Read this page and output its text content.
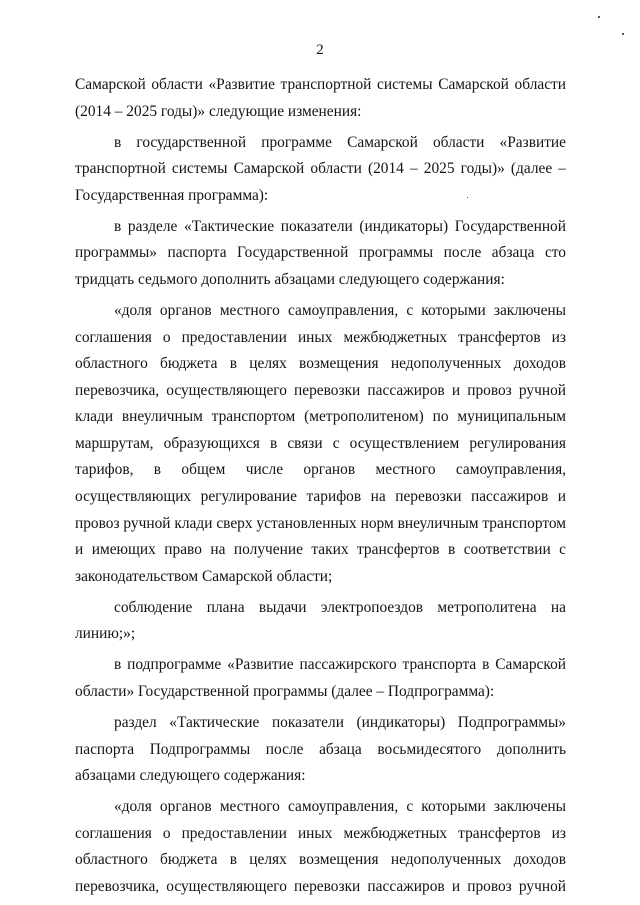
2

Самарской области «Развитие транспортной системы Самарской области (2014 – 2025 годы)» следующие изменения:

в государственной программе Самарской области «Развитие транспортной системы Самарской области (2014 – 2025 годы)» (далее – Государственная программа):

в разделе «Тактические показатели (индикаторы) Государственной программы» паспорта Государственной программы после абзаца сто тридцать седьмого дополнить абзацами следующего содержания:

«доля органов местного самоуправления, с которыми заключены соглашения о предоставлении иных межбюджетных трансфертов из областного бюджета в целях возмещения недополученных доходов перевозчика, осуществляющего перевозки пассажиров и провоз ручной клади внеуличным транспортом (метрополитеном) по муниципальным маршрутам, образующихся в связи с осуществлением регулирования тарифов, в общем числе органов местного самоуправления, осуществляющих регулирование тарифов на перевозки пассажиров и провоз ручной клади сверх установленных норм внеуличным транспортом и имеющих право на получение таких трансфертов в соответствии с законодательством Самарской области;

соблюдение плана выдачи электропоездов метрополитена на линию;»;

в подпрограмме «Развитие пассажирского транспорта в Самарской области» Государственной программы (далее – Подпрограмма):

раздел «Тактические показатели (индикаторы) Подпрограммы» паспорта Подпрограммы после абзаца восьмидесятого дополнить абзацами следующего содержания:

«доля органов местного самоуправления, с которыми заключены соглашения о предоставлении иных межбюджетных трансфертов из областного бюджета в целях возмещения недополученных доходов перевозчика, осуществляющего перевозки пассажиров и провоз ручной
